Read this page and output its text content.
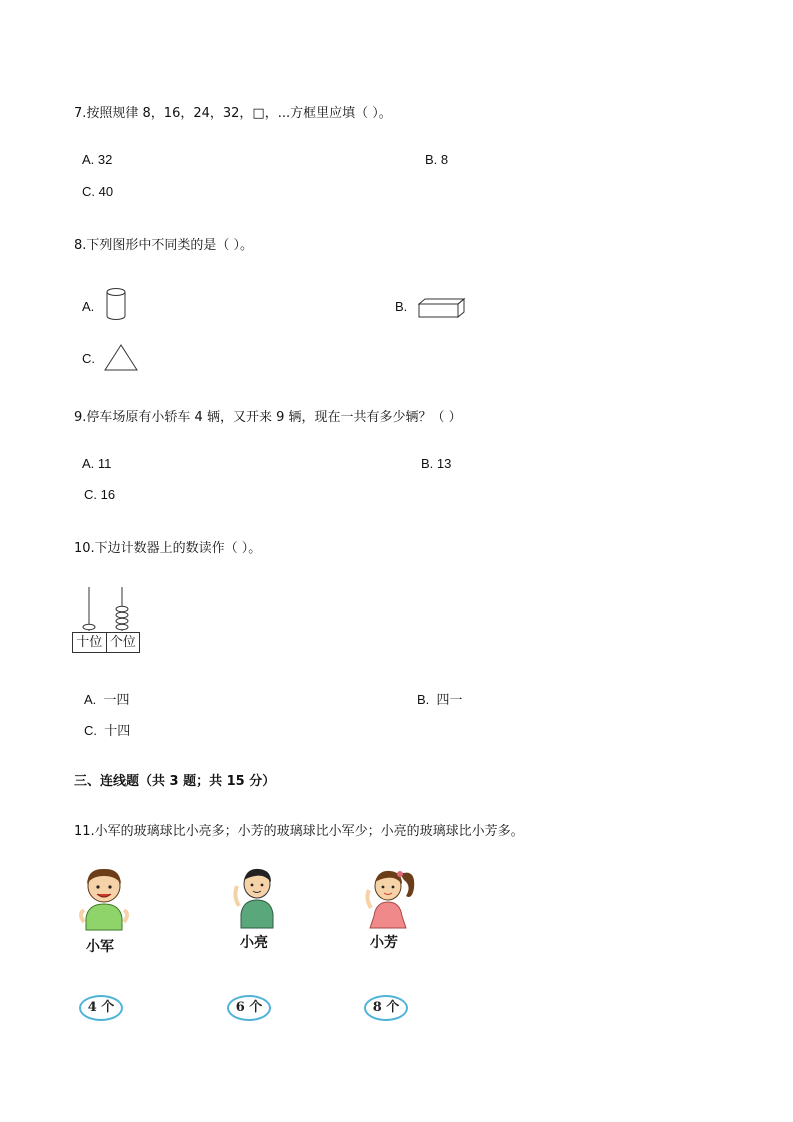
7.按照规律 8，16，24，32，□，...方框里应填（ ）。
A. 32	B. 8
C. 40
8.下列图形中不同类的是（ ）。
A.	B.
C.
9.停车场原有小轿车 4 辆，又开来 9 辆，现在一共有多少辆？（ ）
A. 11	B. 13
C. 16
10.下边计数器上的数读作（ ）。
十位 个位
A. 一四	B. 四一
C. 十四
三、连线题（共 3 题；共 15 分）
11.小军的玻璃球比小亮多；小芳的玻璃球比小军少；小亮的玻璃球比小芳多。
小军	小亮	小芳
4 个	6 个	8 个
